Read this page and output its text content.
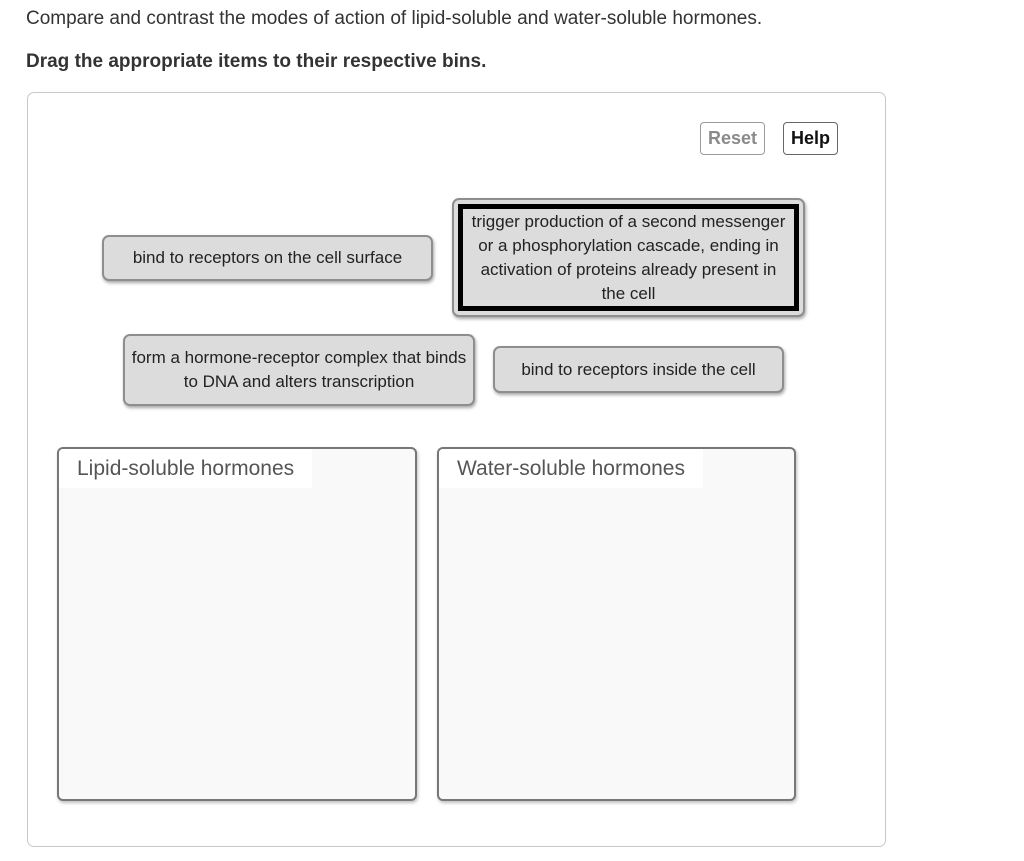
Compare and contrast the modes of action of lipid-soluble and water-soluble hormones.
Drag the appropriate items to their respective bins.
Reset	Help
bind to receptors on the cell surface
trigger production of a second messenger or a phosphorylation cascade, ending in activation of proteins already present in the cell
form a hormone-receptor complex that binds to DNA and alters transcription
bind to receptors inside the cell
Lipid-soluble hormones	Water-soluble hormones
